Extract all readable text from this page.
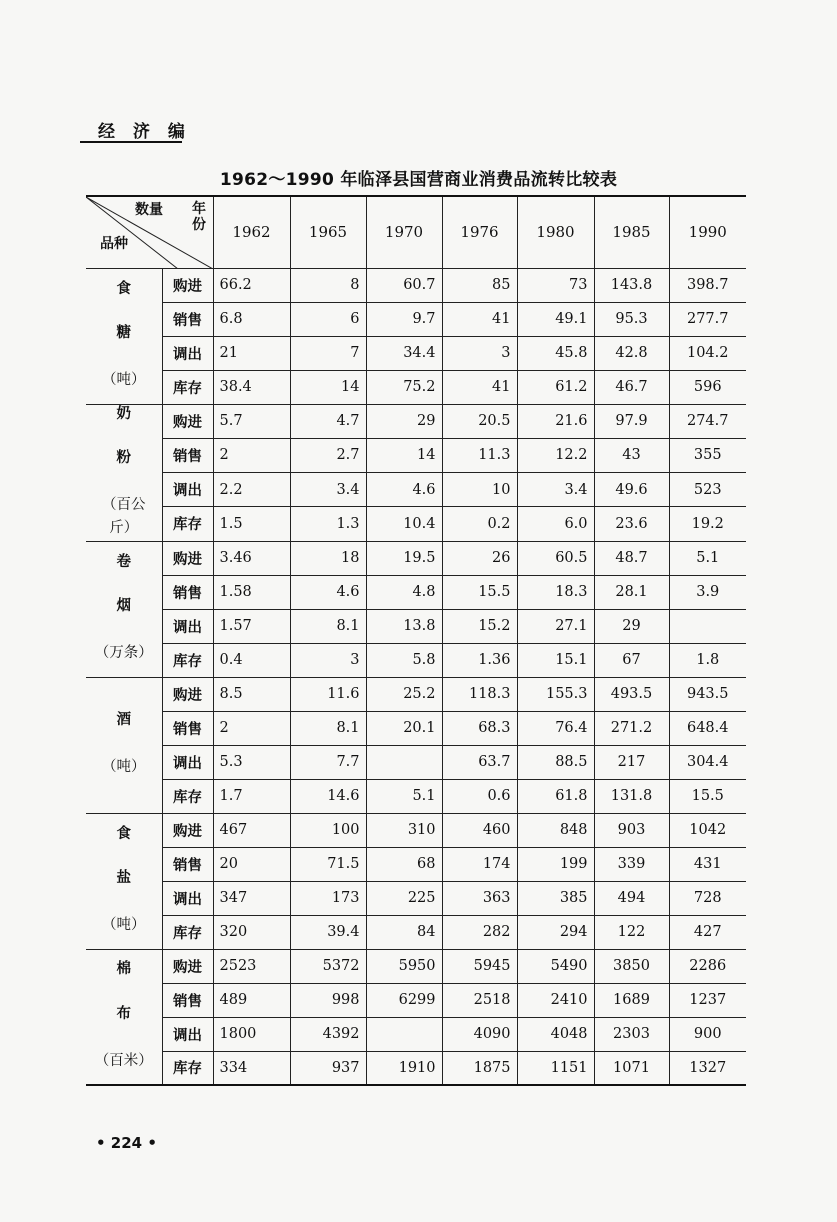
经 济 编
1962～1990 年临泽县国营商业消费品流转比较表
数量 年份
品种		1962	1965	1970	1976	1980	1985	1990

食
糖
（吨）	购进	66.2	8	60.7	85	73	143.8	398.7
	销售	6.8	6	9.7	41	49.1	95.3	277.7
	调出	21	7	34.4	3	45.8	42.8	104.2
	库存	38.4	14	75.2	41	61.2	46.7	596

奶
粉
（百公斤）	购进	5.7	4.7	29	20.5	21.6	97.9	274.7
	销售	2	2.7	14	11.3	12.2	43	355
	调出	2.2	3.4	4.6	10	3.4	49.6	523
	库存	1.5	1.3	10.4	0.2	6.0	23.6	19.2

卷
烟
（万条）	购进	3.46	18	19.5	26	60.5	48.7	5.1
	销售	1.58	4.6	4.8	15.5	18.3	28.1	3.9
	调出	1.57	8.1	13.8	15.2	27.1	29	
	库存	0.4	3	5.8	1.36	15.1	67	1.8

酒
（吨）	购进	8.5	11.6	25.2	118.3	155.3	493.5	943.5
	销售	2	8.1	20.1	68.3	76.4	271.2	648.4
	调出	5.3	7.7		63.7	88.5	217	304.4
	库存	1.7	14.6	5.1	0.6	61.8	131.8	15.5

食
盐
（吨）	购进	467	100	310	460	848	903	1042
	销售	20	71.5	68	174	199	339	431
	调出	347	173	225	363	385	494	728
	库存	320	39.4	84	282	294	122	427

棉
布
（百米）	购进	2523	5372	5950	5945	5490	3850	2286
	销售	489	998	6299	2518	2410	1689	1237
	调出	1800	4392		4090	4048	2303	900
	库存	334	937	1910	1875	1151	1071	1327
• 224 •
